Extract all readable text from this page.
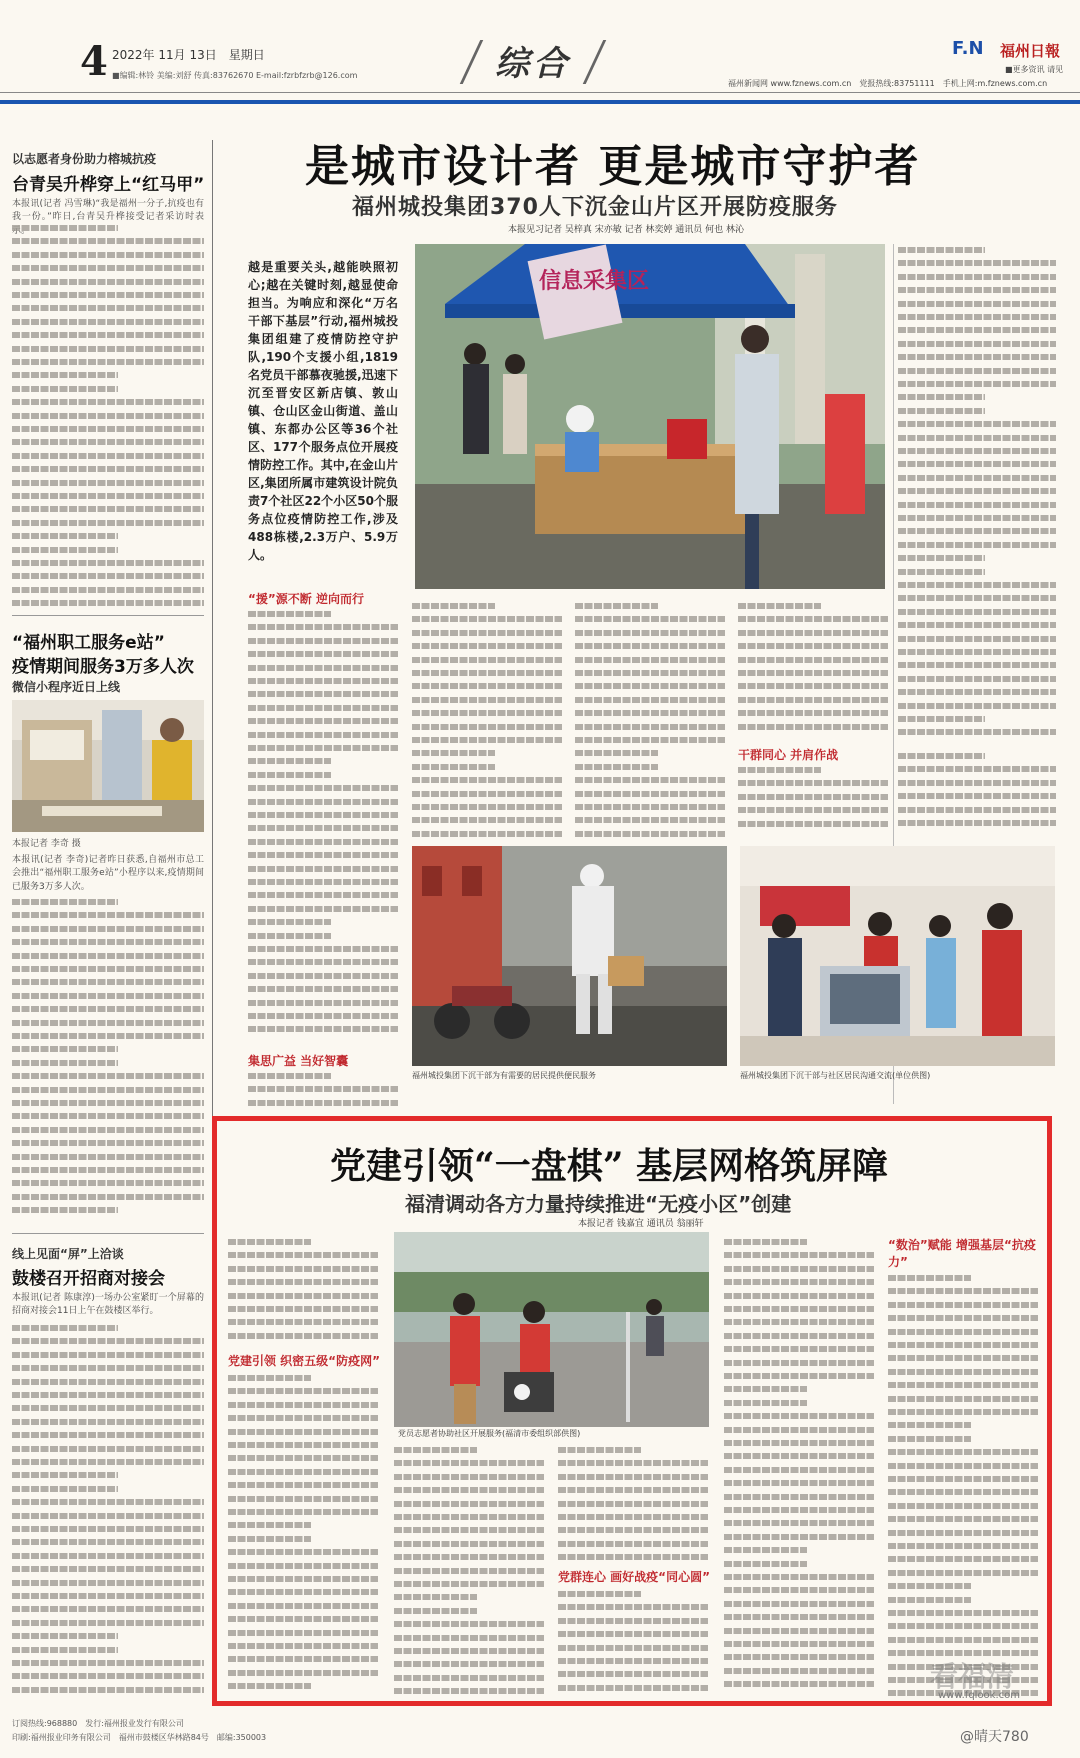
4 2022年 11月 13日　星期日
■编辑:林铃 美编:刘舒 传真:83762670 E-mail:fzrbfzrb@126.com	综合	F.N 福州日報
■更多资讯 请见
福州新闻网 www.fznews.com.cn　党报热线:83751111　手机上网:m.fznews.com.cn
以志愿者身份助力榕城抗疫
台青吴升桦穿上“红马甲”
本报讯(记者 冯雪琳)“我是福州一分子,抗疫也有我一份。”昨日,台青吴升桦接受记者采访时表
“福州职工服务e站”
疫情期间服务3万多人次
微信小程序近日上线
本报记者 李奇 摄
本报讯(记者 李奇)记者昨日获悉,自福州市总工会推出“福州职工服务e站”小程序以来,疫情期间已服务3万多人次。
线上见面“屏”上洽谈
鼓楼召开招商对接会
本报讯(记者 陈康淳)一场办公室紧盯一个屏幕的招商对接会11日上午在鼓楼区举行。
是城市设计者 更是城市守护者
福州城投集团370人下沉金山片区开展防疫服务
本报见习记者 吴梓真 宋亦敏 记者 林奕婷 通讯员 何也 林沁
越是重要关头,越能映照初心;越在关键时刻,越显使命担当。为响应和深化“万名干部下基层”行动,福州城投集团组建了疫情防控守护队,190个支援小组,1819名党员干部慕夜驰援,迅速下沉至晋安区新店镇、敦山镇、仓山区金山街道、盖山镇、东都办公区等36个社区、177个服务点位开展疫情防控工作。其中,在金山片区,集团所属市建筑设计院负责7个社区22个小区50个服务点位疫情防控工作,涉及488栋楼,2.3万户、5.9万人。
信息采集区
“援”源不断 逆向而行
集思广益 当好智囊
干群同心 并肩作战
福州城投集团下沉干部为有需要的居民提供便民服务	福州城投集团下沉干部与社区居民沟通交流(单位供图)
党建引领“一盘棋” 基层网格筑屏障
福清调动各方力量持续推进“无疫小区”创建
本报记者 钱嘉宜 通讯员 翁丽轩
党建引领 织密五级“防疫网”
党员志愿者协助社区开展服务(福清市委组织部供图)
党群连心 画好战疫“同心圆”
“数治”赋能 增强基层“抗疫力”
订阅热线:968880　发行:福州报业发行有限公司
印刷:福州报业印务有限公司　福州市鼓楼区华林路84号　邮编:350003
看福清
www.fqlook.com
@晴天780
